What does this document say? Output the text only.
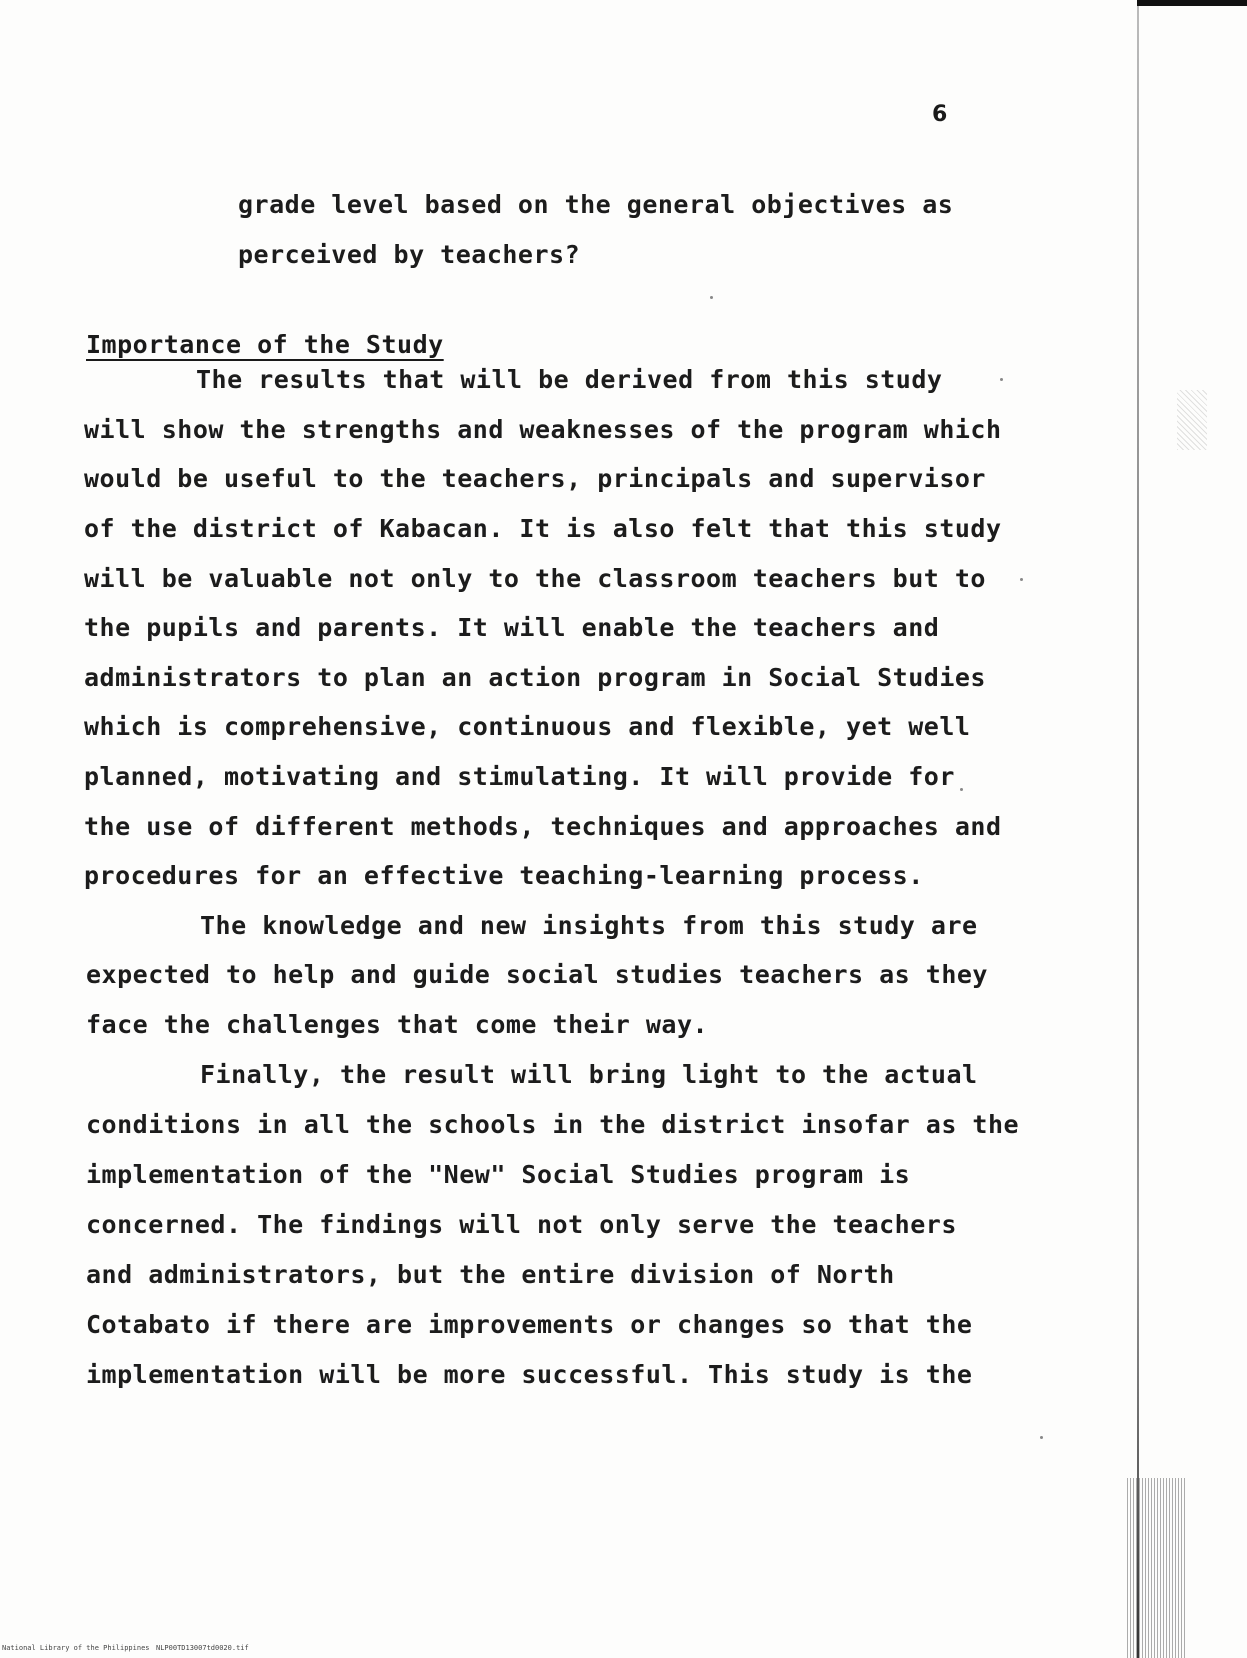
6
grade level based on the general objectives as
perceived by teachers?
Importance of the Study
The results that will be derived from this study
will show the strengths and weaknesses of the program which
would be useful to the teachers, principals and supervisor
of the district of Kabacan. It is also felt that this study
will be valuable not only to the classroom teachers but to
the pupils and parents. It will enable the teachers and
administrators to plan an action program in Social Studies
which is comprehensive, continuous and flexible, yet well
planned, motivating and stimulating. It will provide for
the use of different methods, techniques and approaches and
procedures for an effective teaching-learning process.
The knowledge and new insights from this study are
expected to help and guide social studies teachers as they
face the challenges that come their way.
Finally, the result will bring light to the actual
conditions in all the schools in the district insofar as the
implementation of the "New" Social Studies program is
concerned. The findings will not only serve the teachers
and administrators, but the entire division of North
Cotabato if there are improvements or changes so that the
implementation will be more successful. This study is the
National Library of the Philippines NLP00TD13007td0020.tif
